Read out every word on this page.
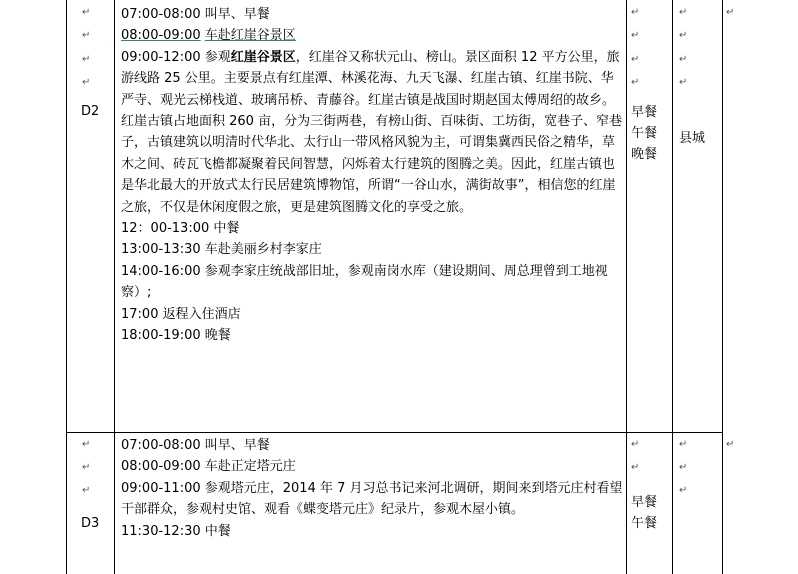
↵
↵
↵
↵
↵
↵
↵
↵
↵
↵
↵
↵
↵
↵
↵
↵
↵
↵
↵
↵
↵
↵
D2	早餐
午餐
晚餐
县城

07:00-08:00 叫早、早餐

08:00-09:00 车赴红崖谷景区

09:00-12:00 参观红崖谷景区，红崖谷又称状元山、榜山。景区面积 12 平方公里，旅游线路 25 公里。主要景点有红崖潭、林溪花海、九天飞瀑、红崖古镇、红崖书院、华严寺、观光云梯栈道、玻璃吊桥、青藤谷。红崖古镇是战国时期赵国太傅周绍的故乡。红崖古镇占地面积 260 亩，分为三街两巷，有榜山街、百味街、工坊街，宽巷子、窄巷子，古镇建筑以明清时代华北、太行山一带风格风貌为主，可谓集冀西民俗之精华，草木之间、砖瓦飞檐都凝聚着民间智慧，闪烁着太行建筑的图腾之美。因此，红崖古镇也是华北最大的开放式太行民居建筑博物馆，所谓“一谷山水，满街故事”，相信您的红崖之旅，不仅是休闲度假之旅，更是建筑图腾文化的享受之旅。

12：00-13:00 中餐

13:00-13:30 车赴美丽乡村李家庄

14:00-16:00 参观李家庄统战部旧址，参观南岗水库（建设期间、周总理曾到工地视察）;

17:00 返程入住酒店

18:00-19:00 晚餐

D3
早餐
午餐

07:00-08:00 叫早、早餐

08:00-09:00 车赴正定塔元庄

09:00-11:00 参观塔元庄，2014 年 7 月习总书记来河北调研，期间来到塔元庄村看望干部群众，参观村史馆、观看《蝶变塔元庄》纪录片，参观木屋小镇。

11:30-12:30 中餐
